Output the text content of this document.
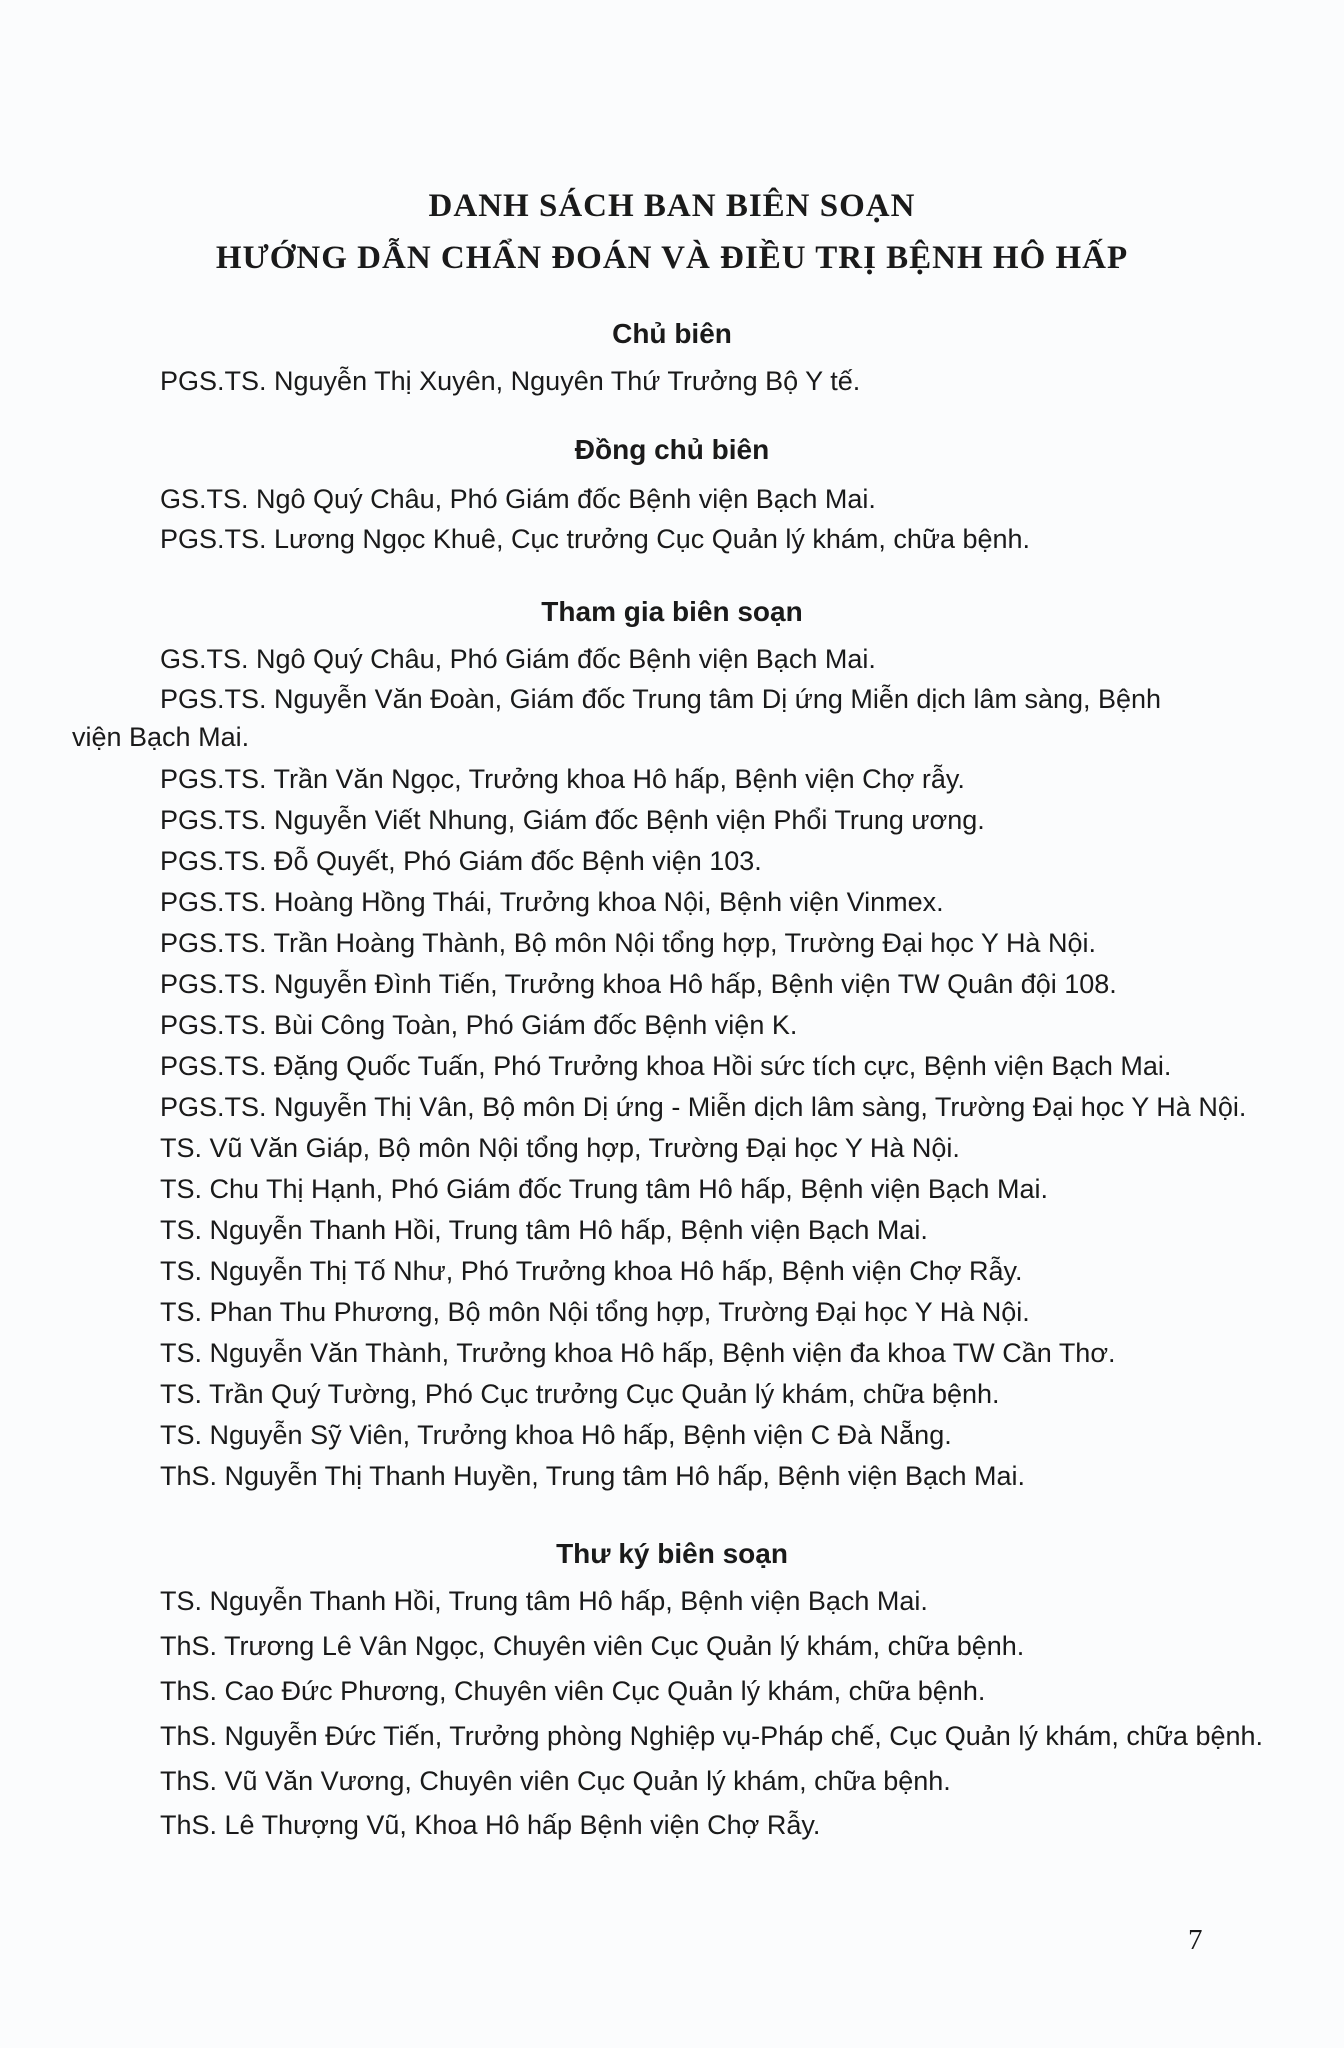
DANH SÁCH BAN BIÊN SOẠN
HƯỚNG DẪN CHẨN ĐOÁN VÀ ĐIỀU TRỊ BỆNH HÔ HẤP
Chủ biên
PGS.TS. Nguyễn Thị Xuyên, Nguyên Thứ Trưởng Bộ Y tế.
Đồng chủ biên
GS.TS. Ngô Quý Châu, Phó Giám đốc Bệnh viện Bạch Mai.
PGS.TS. Lương Ngọc Khuê, Cục trưởng Cục Quản lý khám, chữa bệnh.
Tham gia biên soạn
GS.TS. Ngô Quý Châu, Phó Giám đốc Bệnh viện Bạch Mai.
PGS.TS. Nguyễn Văn Đoàn, Giám đốc Trung tâm Dị ứng Miễn dịch lâm sàng, Bệnh
viện Bạch Mai.
PGS.TS. Trần Văn Ngọc, Trưởng khoa Hô hấp, Bệnh viện Chợ rẫy.
PGS.TS. Nguyễn Viết Nhung, Giám đốc Bệnh viện Phổi Trung ương.
PGS.TS. Đỗ Quyết, Phó Giám đốc Bệnh viện 103.
PGS.TS. Hoàng Hồng Thái, Trưởng khoa Nội, Bệnh viện Vinmex.
PGS.TS. Trần Hoàng Thành, Bộ môn Nội tổng hợp, Trường Đại học Y Hà Nội.
PGS.TS. Nguyễn Đình Tiến, Trưởng khoa Hô hấp, Bệnh viện TW Quân đội 108.
PGS.TS. Bùi Công Toàn, Phó Giám đốc Bệnh viện K.
PGS.TS. Đặng Quốc Tuấn, Phó Trưởng khoa Hồi sức tích cực, Bệnh viện Bạch Mai.
PGS.TS. Nguyễn Thị Vân, Bộ môn Dị ứng - Miễn dịch lâm sàng, Trường Đại học Y Hà Nội.
TS. Vũ Văn Giáp, Bộ môn Nội tổng hợp, Trường Đại học Y Hà Nội.
TS. Chu Thị Hạnh, Phó Giám đốc Trung tâm Hô hấp, Bệnh viện Bạch Mai.
TS. Nguyễn Thanh Hồi, Trung tâm Hô hấp, Bệnh viện Bạch Mai.
TS. Nguyễn Thị Tố Như, Phó Trưởng khoa Hô hấp, Bệnh viện Chợ Rẫy.
TS. Phan Thu Phương, Bộ môn Nội tổng hợp, Trường Đại học Y Hà Nội.
TS. Nguyễn Văn Thành, Trưởng khoa Hô hấp, Bệnh viện đa khoa TW Cần Thơ.
TS. Trần Quý Tường, Phó Cục trưởng Cục Quản lý khám, chữa bệnh.
TS. Nguyễn Sỹ Viên, Trưởng khoa Hô hấp, Bệnh viện C Đà Nẵng.
ThS. Nguyễn Thị Thanh Huyền, Trung tâm Hô hấp, Bệnh viện Bạch Mai.
Thư ký biên soạn
TS. Nguyễn Thanh Hồi, Trung tâm Hô hấp, Bệnh viện Bạch Mai.
ThS. Trương Lê Vân Ngọc, Chuyên viên Cục Quản lý khám, chữa bệnh.
ThS. Cao Đức Phương, Chuyên viên Cục Quản lý khám, chữa bệnh.
ThS. Nguyễn Đức Tiến, Trưởng phòng Nghiệp vụ-Pháp chế, Cục Quản lý khám, chữa bệnh.
ThS. Vũ Văn Vương, Chuyên viên Cục Quản lý khám, chữa bệnh.
ThS. Lê Thượng Vũ, Khoa Hô hấp Bệnh viện Chợ Rẫy.
7
